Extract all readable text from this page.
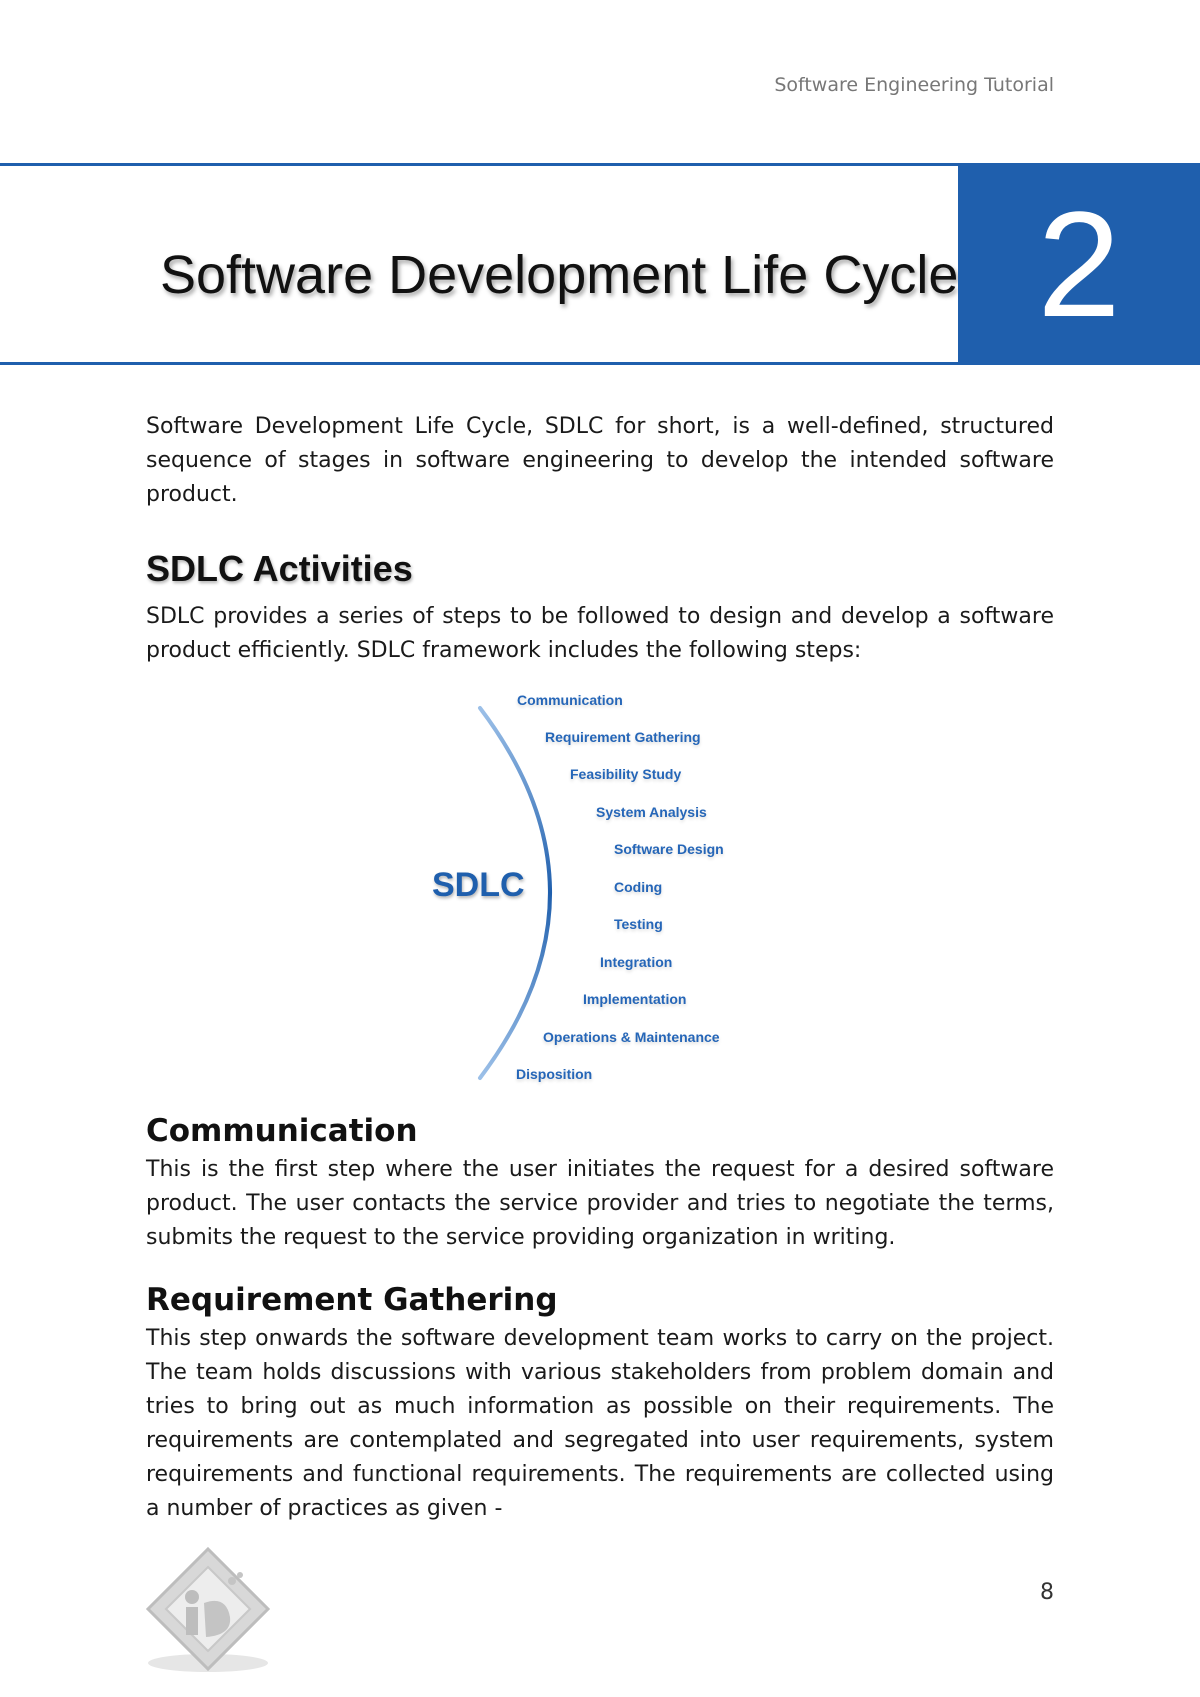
Software Engineering Tutorial
Software Development Life Cycle 2

Software Development Life Cycle, SDLC for short, is a well-defined, structured sequence of stages in software engineering to develop the intended software product.

SDLC Activities

SDLC provides a series of steps to be followed to design and develop a software product efficiently. SDLC framework includes the following steps:

SDLC
Communication
Requirement Gathering
Feasibility Study
System Analysis
Software Design
Coding
Testing
Integration
Implementation
Operations & Maintenance
Disposition
Communication

This is the first step where the user initiates the request for a desired software product. The user contacts the service provider and tries to negotiate the terms, submits the request to the service providing organization in writing.

Requirement Gathering

This step onwards the software development team works to carry on the project. The team holds discussions with various stakeholders from problem domain and tries to bring out as much information as possible on their requirements. The requirements are contemplated and segregated into user requirements, system requirements and functional requirements. The requirements are collected using a number of practices as given -

8
